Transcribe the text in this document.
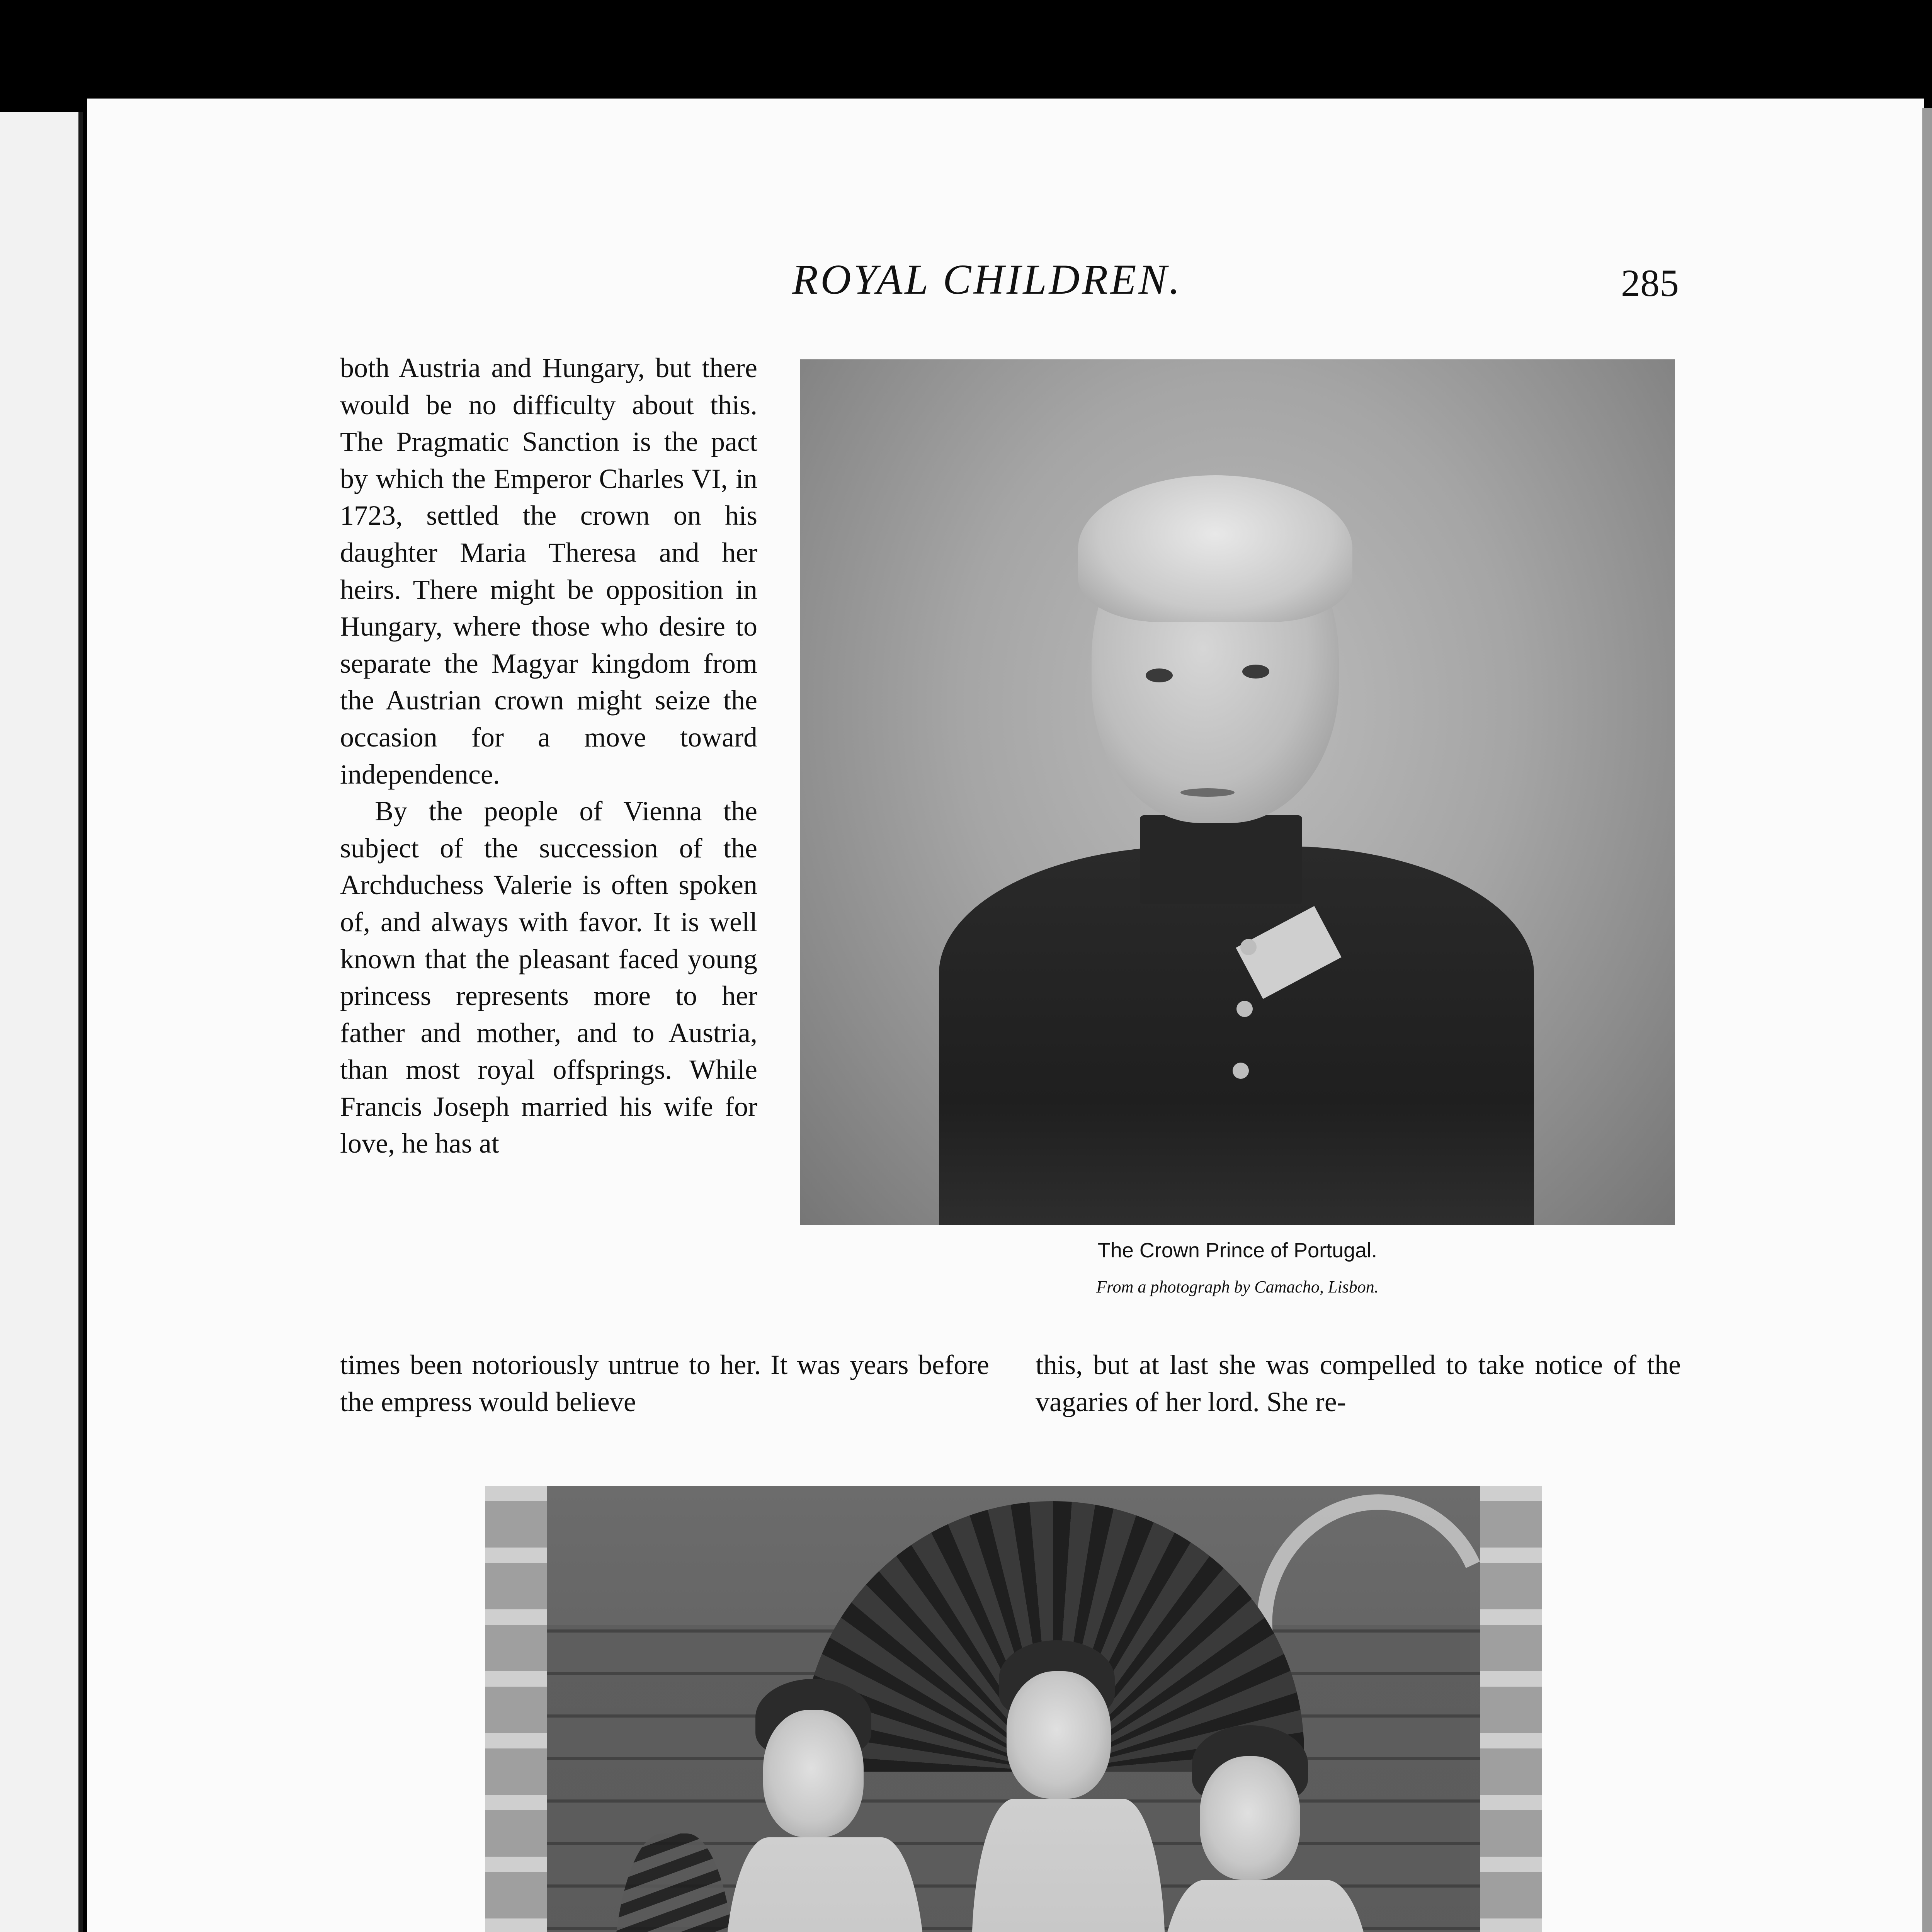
ROYAL CHILDREN.	285

both Austria and Hungary, but there would be no difficulty about this. The Pragmatic Sanction is the pact by which the Emperor Charles VI, in 1723, settled the crown on his daughter Maria Theresa and her heirs. There might be opposition in Hungary, where those who desire to separate the Magyar kingdom from the Austrian crown might seize the occasion for a move toward independence.

By the people of Vienna the subject of the succession of the Archduchess Valerie is often spoken of, and always with favor. It is well known that the pleasant faced young princess represents more to her father and mother, and to Austria, than most royal offsprings. While Francis Joseph married his wife for love, he has at

The Crown Prince of Portugal.
From a photograph by Camacho, Lisbon.

times been notoriously untrue to her. It was years before the empress would believe

this, but at last she was compelled to take notice of the vagaries of her lord. She re-
